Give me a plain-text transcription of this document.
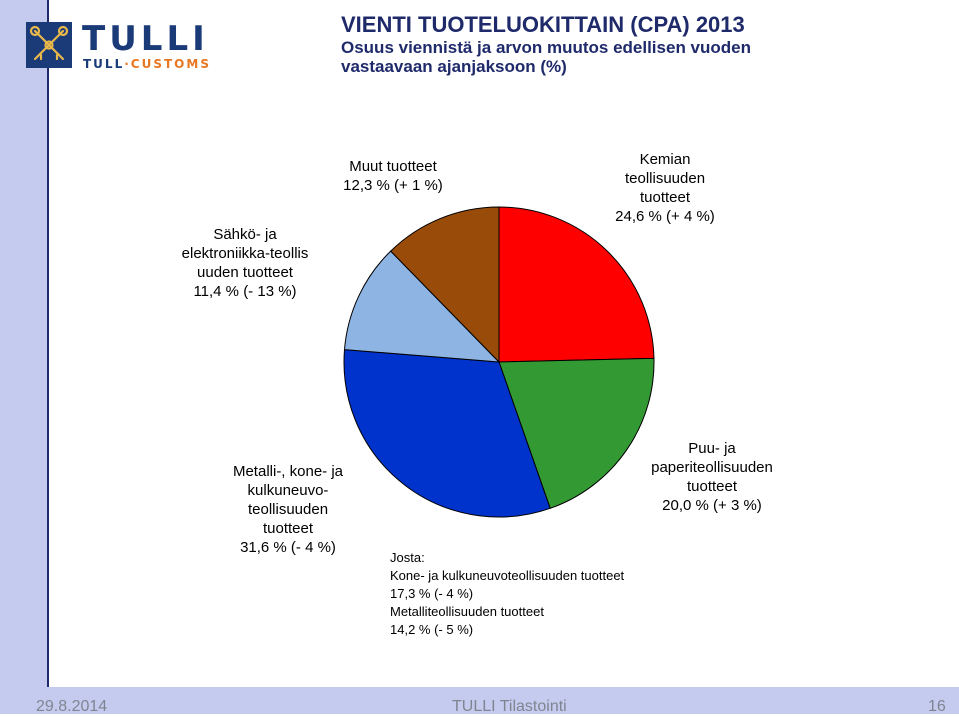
TULLI
TULL·CUSTOMS
VIENTI TUOTELUOKITTAIN (CPA) 2013
Osuus viennistä ja arvon muutos edellisen vuoden vastaavaan ajanjaksoon (%)
Kemian
teollisuuden
tuotteet
24,6 % (+ 4 %)
Puu- ja
paperiteollisuuden
tuotteet
20,0 % (+ 3 %)
Metalli-, kone- ja
kulkuneuvo-
teollisuuden
tuotteet
31,6 % (- 4 %)
Sähkö- ja
elektroniikka-teollis
uuden tuotteet
11,4 % (- 13 %)
Muut tuotteet
12,3 % (+ 1 %)
Josta:
Kone- ja kulkuneuvoteollisuuden tuotteet
17,3 % (- 4 %)
Metalliteollisuuden tuotteet
14,2 % (- 5 %)
29.8.2014	TULLI Tilastointi	16
